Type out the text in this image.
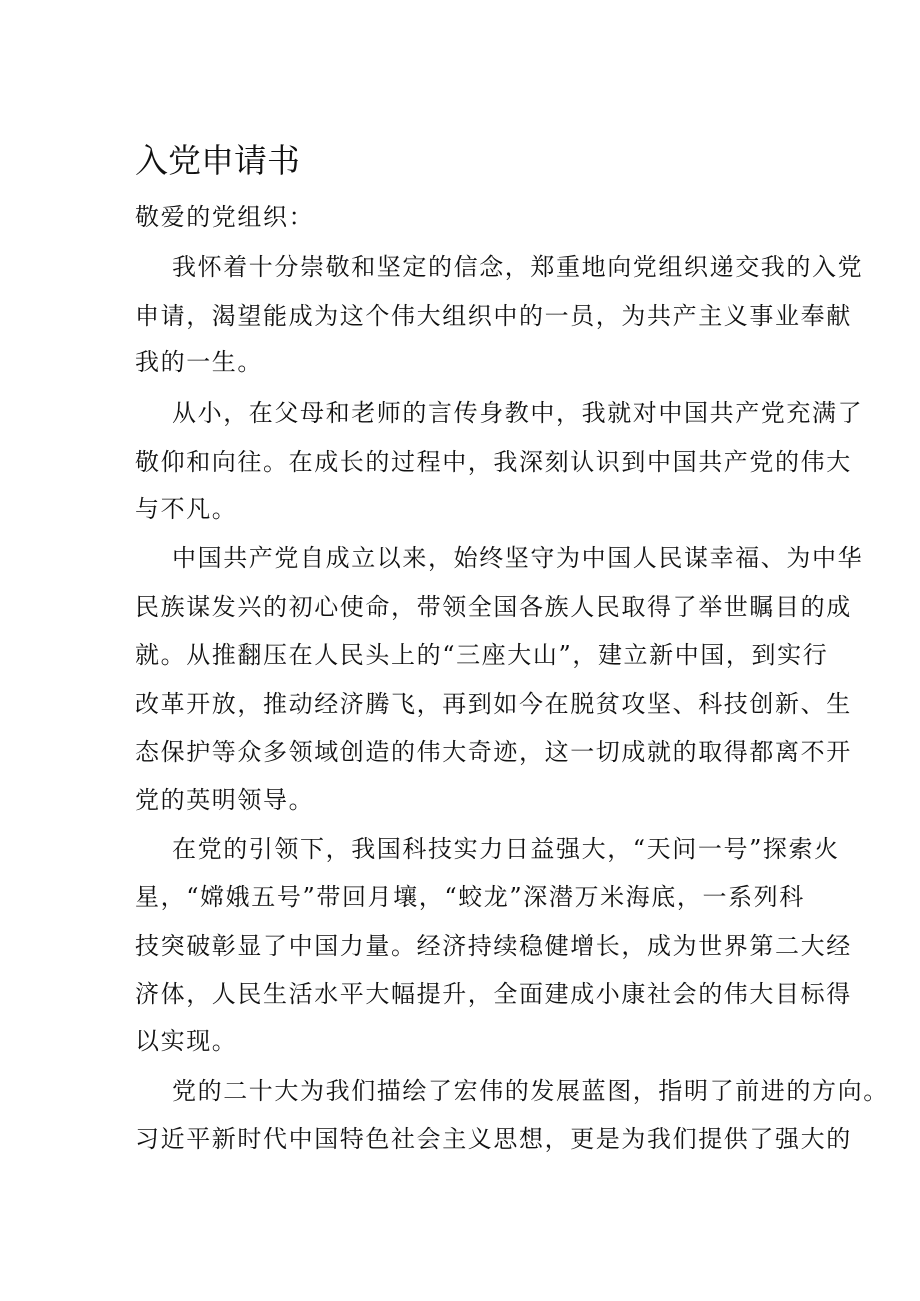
入党申请书
敬爱的党组织：
我怀着十分崇敬和坚定的信念，郑重地向党组织递交我的入党
申请，渴望能成为这个伟大组织中的一员，为共产主义事业奉献
我的一生。
从小，在父母和老师的言传身教中，我就对中国共产党充满了
敬仰和向往。在成长的过程中，我深刻认识到中国共产党的伟大
与不凡。
中国共产党自成立以来，始终坚守为中国人民谋幸福、为中华
民族谋发兴的初心使命，带领全国各族人民取得了举世瞩目的成
就。从推翻压在人民头上的“三座大山”，建立新中国，到实行
改革开放，推动经济腾飞，再到如今在脱贫攻坚、科技创新、生
态保护等众多领域创造的伟大奇迹，这一切成就的取得都离不开
党的英明领导。
在党的引领下，我国科技实力日益强大，“天问一号”探索火
星，“嫦娥五号”带回月壤，“蛟龙”深潜万米海底，一系列科
技突破彰显了中国力量。经济持续稳健增长，成为世界第二大经
济体，人民生活水平大幅提升，全面建成小康社会的伟大目标得
以实现。
党的二十大为我们描绘了宏伟的发展蓝图，指明了前进的方向。
习近平新时代中国特色社会主义思想，更是为我们提供了强大的
